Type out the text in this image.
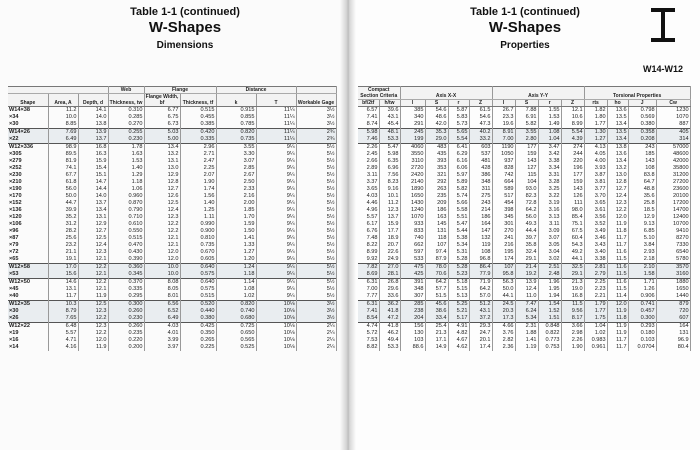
Table 1-1 (continued)
W-Shapes
Dimensions
Table 1-1 (continued)
W-Shapes
Properties
W14-W12
			Web	Flange		Distance		
Shape	Area, A	Depth, d	Thickness, tw	Flange Width, bf	Thickness, tf	k	T	Workable Gage
W14×38	11.2	14.1	0.310	6.77	0.515	0.915	11¼	3½
×34	10.0	14.0	0.285	6.75	0.455	0.855	11¼	3½
×30	8.85	13.8	0.270	6.73	0.385	0.785	11¼	3½
W14×26	7.69	13.9	0.255	5.03	0.420	0.820	11¼	2¾
×22	6.49	13.7	0.230	5.00	0.335	0.735	11¼	2¾
W12×336	98.9	16.8	1.78	13.4	2.96	3.55	9¼	5½
×305	89.5	16.3	1.63	13.2	2.71	3.30	9¼	5½
×279	81.9	15.9	1.53	13.1	2.47	3.07	9¼	5½
×252	74.1	15.4	1.40	13.0	2.25	2.85	9¼	5½
×230	67.7	15.1	1.29	12.9	2.07	2.67	9¼	5½
×210	61.8	14.7	1.18	12.8	1.90	2.50	9¼	5½
×190	56.0	14.4	1.06	12.7	1.74	2.33	9¼	5½
×170	50.0	14.0	0.960	12.6	1.56	2.16	9¼	5½
×152	44.7	13.7	0.870	12.5	1.40	2.00	9¼	5½
×136	39.9	13.4	0.790	12.4	1.25	1.85	9¼	5½
×120	35.2	13.1	0.710	12.3	1.11	1.70	9¼	5½
×106	31.2	12.9	0.610	12.2	0.990	1.59	9¼	5½
×96	28.2	12.7	0.550	12.2	0.900	1.50	9¼	5½
×87	25.6	12.5	0.515	12.1	0.810	1.41	9¼	5½
×79	23.2	12.4	0.470	12.1	0.735	1.33	9¼	5½
×72	21.1	12.3	0.430	12.0	0.670	1.27	9¼	5½
×65	19.1	12.1	0.390	12.0	0.605	1.20	9¼	5½
W12×58	17.0	12.2	0.360	10.0	0.640	1.24	9¼	5½
×53	15.6	12.1	0.345	10.0	0.575	1.18	9¼	5½
W12×50	14.6	12.2	0.370	8.08	0.640	1.14	9¼	5½
×45	13.1	12.1	0.335	8.05	0.575	1.08	9¼	5½
×40	11.7	11.9	0.295	8.01	0.515	1.02	9¼	5½
W12×35	10.3	12.5	0.300	6.56	0.520	0.820	10⅛	3½
×30	8.79	12.3	0.260	6.52	0.440	0.740	10⅛	3½
×26	7.65	12.2	0.230	6.49	0.380	0.680	10⅛	3½
W12×22	6.48	12.3	0.260	4.03	0.425	0.725	10⅛	2¼
×19	5.57	12.2	0.235	4.01	0.350	0.650	10⅛	2¼
×16	4.71	12.0	0.220	3.99	0.265	0.565	10⅛	2¼
×14	4.16	11.9	0.200	3.97	0.225	0.525	10⅛	2¼
Compact Section Criteria		Axis X-X				Axis Y-Y				Torsional Properties			
bf/2tf	h/tw	I	S	r	Z	I	S	r	Z	rts	ho	J	Cw
6.57	39.6	385	54.6	5.87	61.5	26.7	7.88	1.55	12.1	1.82	13.6	0.798	1230
7.41	43.1	340	48.6	5.83	54.6	23.3	6.91	1.53	10.6	1.80	13.5	0.569	1070
8.74	45.4	291	42.0	5.73	47.3	19.6	5.82	1.49	8.99	1.77	13.4	0.380	887
5.98	48.1	245	35.3	5.65	40.2	8.91	3.55	1.08	5.54	1.30	13.5	0.358	405
7.46	53.3	199	29.0	5.54	33.2	7.00	2.80	1.04	4.39	1.27	13.4	0.208	314
2.26	5.47	4060	483	6.41	603	1190	177	3.47	274	4.13	13.8	243	57000
2.45	5.98	3550	435	6.29	537	1050	159	3.42	244	4.05	13.6	185	48600
2.66	6.35	3110	393	6.16	481	937	143	3.38	220	4.00	13.4	143	42000
2.89	6.96	2720	353	6.06	428	828	127	3.34	196	3.93	13.2	108	35800
3.11	7.56	2420	321	5.97	386	742	115	3.31	177	3.87	13.0	83.8	31200
3.37	8.23	2140	292	5.89	348	664	104	3.28	159	3.81	12.8	64.7	27200
3.65	9.16	1890	263	5.82	311	589	93.0	3.25	143	3.77	12.7	48.8	23600
4.03	10.1	1650	235	5.74	275	517	82.3	3.22	126	3.70	12.4	35.6	20100
4.46	11.2	1430	209	5.66	243	454	72.8	3.19	111	3.65	12.3	25.8	17200
4.96	12.3	1240	186	5.58	214	398	64.2	3.16	98.0	3.61	12.2	18.5	14700
5.57	13.7	1070	163	5.51	186	345	56.0	3.13	85.4	3.56	12.0	12.9	12400
6.17	15.9	933	145	5.47	164	301	49.3	3.11	75.1	3.52	11.9	9.13	10700
6.76	17.7	833	131	5.44	147	270	44.4	3.09	67.5	3.49	11.8	6.85	9410
7.48	18.9	740	118	5.38	132	241	39.7	3.07	60.4	3.46	11.7	5.10	8270
8.22	20.7	662	107	5.34	119	216	35.8	3.05	54.3	3.43	11.7	3.84	7330
8.99	22.6	597	97.4	5.31	108	195	32.4	3.04	49.2	3.40	11.6	2.93	6540
9.92	24.9	533	87.9	5.28	96.8	174	29.1	3.02	44.1	3.38	11.5	2.18	5780
7.82	27.0	475	78.0	5.28	86.4	107	21.4	2.51	32.5	2.81	11.6	2.10	3570
8.69	28.1	425	70.6	5.23	77.9	95.8	19.2	2.48	29.1	2.79	11.5	1.58	3160
6.31	26.8	391	64.2	5.18	71.9	56.3	13.9	1.96	21.3	2.25	11.6	1.71	1880
7.00	29.6	348	57.7	5.15	64.2	50.0	12.4	1.95	19.0	2.23	11.5	1.26	1650
7.77	33.6	307	51.5	5.13	57.0	44.1	11.0	1.94	16.8	2.21	11.4	0.906	1440
6.31	36.2	285	45.6	5.25	51.2	24.5	7.47	1.54	11.5	1.79	12.0	0.741	879
7.41	41.8	238	38.6	5.21	43.1	20.3	6.24	1.52	9.56	1.77	11.9	0.457	720
8.54	47.2	204	33.4	5.17	37.2	17.3	5.34	1.51	8.17	1.75	11.8	0.300	607
4.74	41.8	156	25.4	4.91	29.3	4.66	2.31	0.848	3.66	1.04	11.9	0.293	164
5.72	46.2	130	21.3	4.82	24.7	3.76	1.88	0.822	2.98	1.02	11.9	0.180	131
7.53	49.4	103	17.1	4.67	20.1	2.82	1.41	0.773	2.26	0.983	11.7	0.103	96.9
8.82	53.3	88.6	14.9	4.62	17.4	2.36	1.19	0.753	1.90	0.961	11.7	0.0704	80.4
